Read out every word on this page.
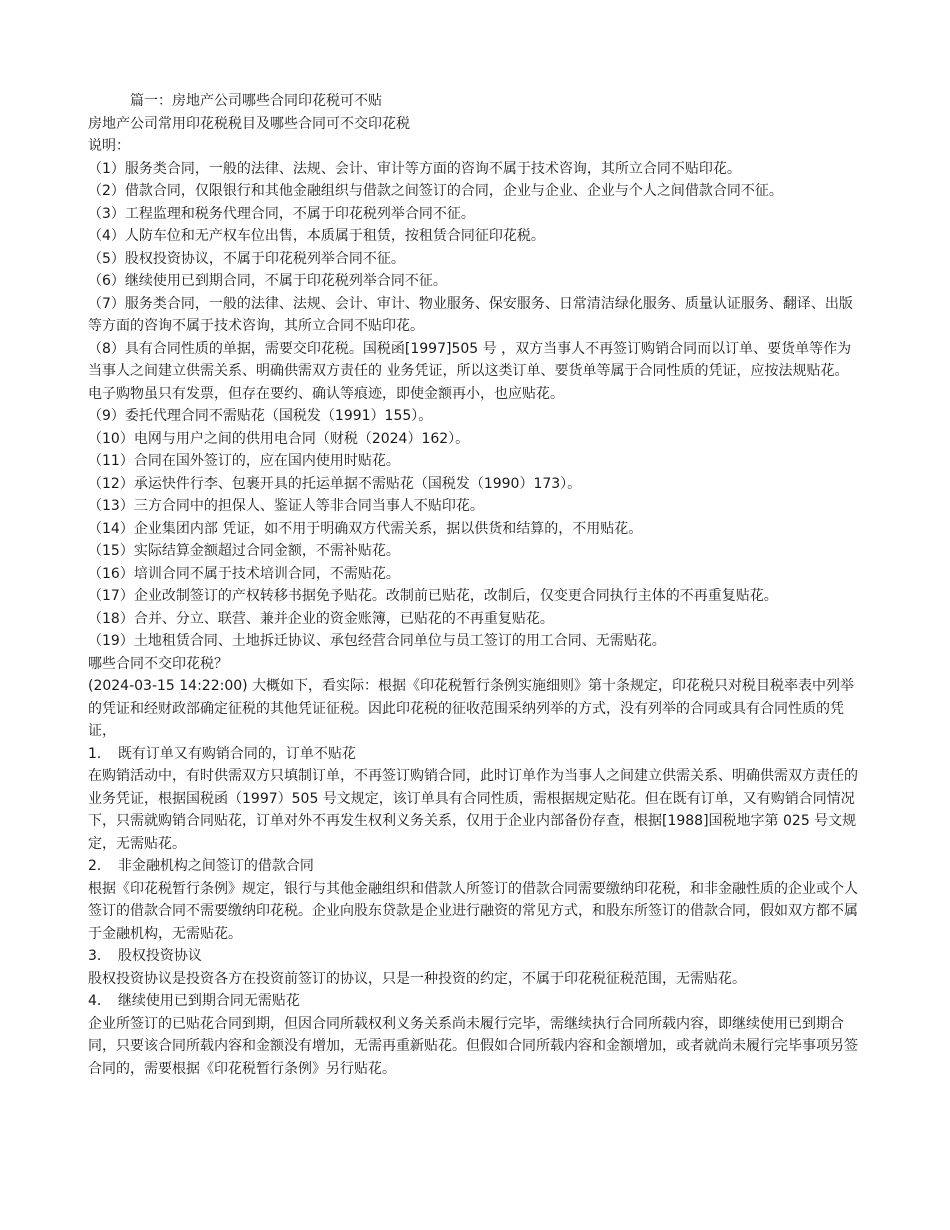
篇一：房地产公司哪些合同印花税可不贴

房地产公司常用印花税税目及哪些合同可不交印花税

说明：

（1）服务类合同，一般的法律、法规、会计、审计等方面的咨询不属于技术咨询，其所立合同不贴印花。

（2）借款合同，仅限银行和其他金融组织与借款之间签订的合同，企业与企业、企业与个人之间借款合同不征。

（3）工程监理和税务代理合同，不属于印花税列举合同不征。

（4）人防车位和无产权车位出售，本质属于租赁，按租赁合同征印花税。

（5）股权投资协议，不属于印花税列举合同不征。

（6）继续使用已到期合同，不属于印花税列举合同不征。

（7）服务类合同，一般的法律、法规、会计、审计、物业服务、保安服务、日常清洁绿化服务、质量认证服务、翻译、出版等方面的咨询不属于技术咨询，其所立合同不贴印花。

（8）具有合同性质的单据，需要交印花税。国税函[1997]505 号 ，双方当事人不再签订购销合同而以订单、要货单等作为当事人之间建立供需关系、明确供需双方责任的 业务凭证，所以这类订单、要货单等属于合同性质的凭证，应按法规贴花。

电子购物虽只有发票，但存在要约、确认等痕迹，即使金额再小，也应贴花。

（9）委托代理合同不需贴花（国税发（1991）155）。

（10）电网与用户之间的供用电合同（财税（2024）162）。

（11）合同在国外签订的，应在国内使用时贴花。

（12）承运快件行李、包裹开具的托运单据不需贴花（国税发（1990）173）。

（13）三方合同中的担保人、鉴证人等非合同当事人不贴印花。

（14）企业集团内部 凭证，如不用于明确双方代需关系，据以供货和结算的，不用贴花。

（15）实际结算金额超过合同金额，不需补贴花。

（16）培训合同不属于技术培训合同，不需贴花。

（17）企业改制签订的产权转移书据免予贴花。改制前已贴花，改制后，仅变更合同执行主体的不再重复贴花。

（18）合并、分立、联营、兼并企业的资金账簿，已贴花的不再重复贴花。

（19）土地租赁合同、土地拆迁协议、承包经营合同单位与员工签订的用工合同、无需贴花。

哪些合同不交印花税？

(2024-03-15 14:22:00) 大概如下，看实际：根据《印花税暂行条例实施细则》第十条规定，印花税只对税目税率表中列举的凭证和经财政部确定征税的其他凭证征税。因此印花税的征收范围采纳列举的方式，没有列举的合同或具有合同性质的凭证，

1．　既有订单又有购销合同的，订单不贴花

在购销活动中，有时供需双方只填制订单，不再签订购销合同，此时订单作为当事人之间建立供需关系、明确供需双方责任的业务凭证，根据国税函（1997）505 号文规定，该订单具有合同性质，需根据规定贴花。但在既有订单，又有购销合同情况下，只需就购销合同贴花，订单对外不再发生权利义务关系，仅用于企业内部备份存查，根据[1988]国税地字第 025 号文规定，无需贴花。

2．　非金融机构之间签订的借款合同

根据《印花税暂行条例》规定，银行与其他金融组织和借款人所签订的借款合同需要缴纳印花税，和非金融性质的企业或个人签订的借款合同不需要缴纳印花税。企业向股东贷款是企业进行融资的常见方式，和股东所签订的借款合同，假如双方都不属于金融机构，无需贴花。

3．　股权投资协议

股权投资协议是投资各方在投资前签订的协议，只是一种投资的约定，不属于印花税征税范围，无需贴花。

4．　继续使用已到期合同无需贴花

企业所签订的已贴花合同到期，但因合同所载权利义务关系尚未履行完毕，需继续执行合同所载内容，即继续使用已到期合同，只要该合同所载内容和金额没有增加，无需再重新贴花。但假如合同所载内容和金额增加，或者就尚未履行完毕事项另签合同的，需要根据《印花税暂行条例》另行贴花。
